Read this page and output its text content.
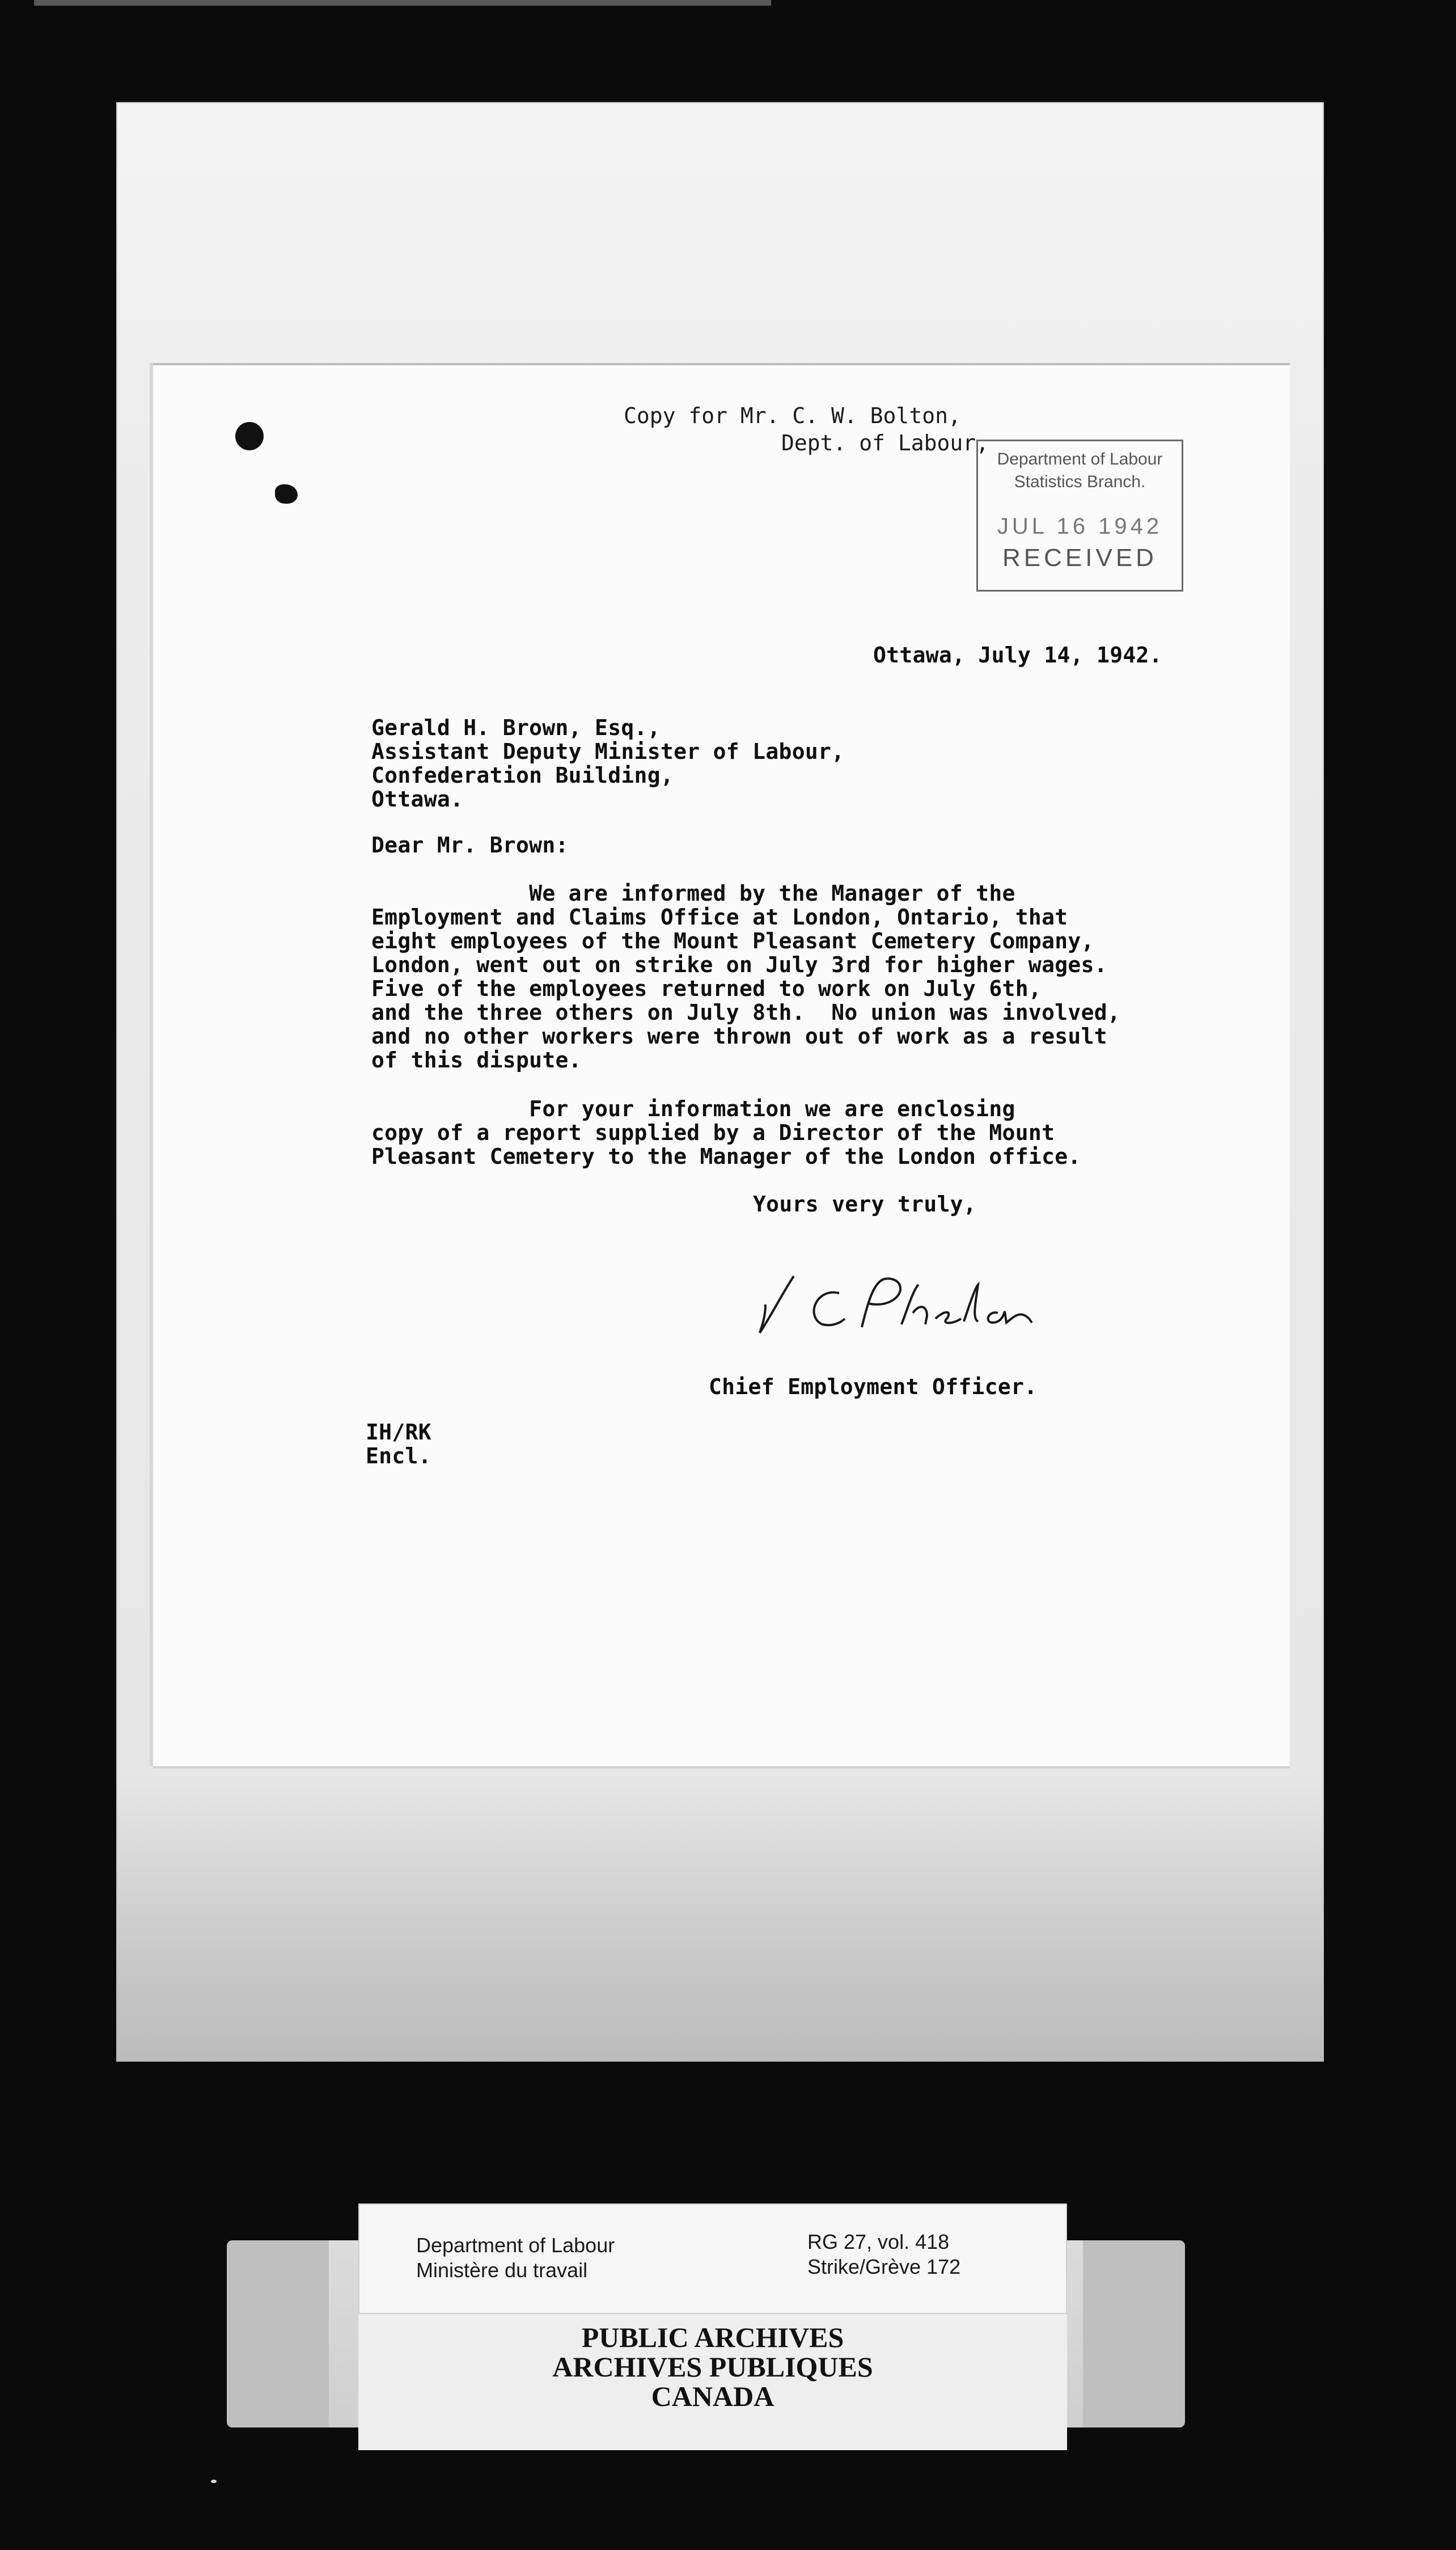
Copy for Mr. C. W. Bolton,

Dept. of Labour,

Ottawa, July 14, 1942.

Gerald H. Brown, Esq.,

Assistant Deputy Minister of Labour,

Confederation Building,

Ottawa.

Dear Mr. Brown:

We are informed by the Manager of the

Employment and Claims Office at London, Ontario, that

eight employees of the Mount Pleasant Cemetery Company,

London, went out on strike on July 3rd for higher wages.

Five of the employees returned to work on July 6th,

and the three others on July 8th.  No union was involved,

and no other workers were thrown out of work as a result

of this dispute.

For your information we are enclosing

copy of a report supplied by a Director of the Mount

Pleasant Cemetery to the Manager of the London office.

Yours very truly,

Chief Employment Officer.

IH/RK

Encl.

Department of Labour
Statistics Branch.
JUL 16 1942
RECEIVED

Department of Labour

Ministère du travail

RG 27, vol. 418

Strike/Grève 172

PUBLIC ARCHIVES
ARCHIVES PUBLIQUES
CANADA
